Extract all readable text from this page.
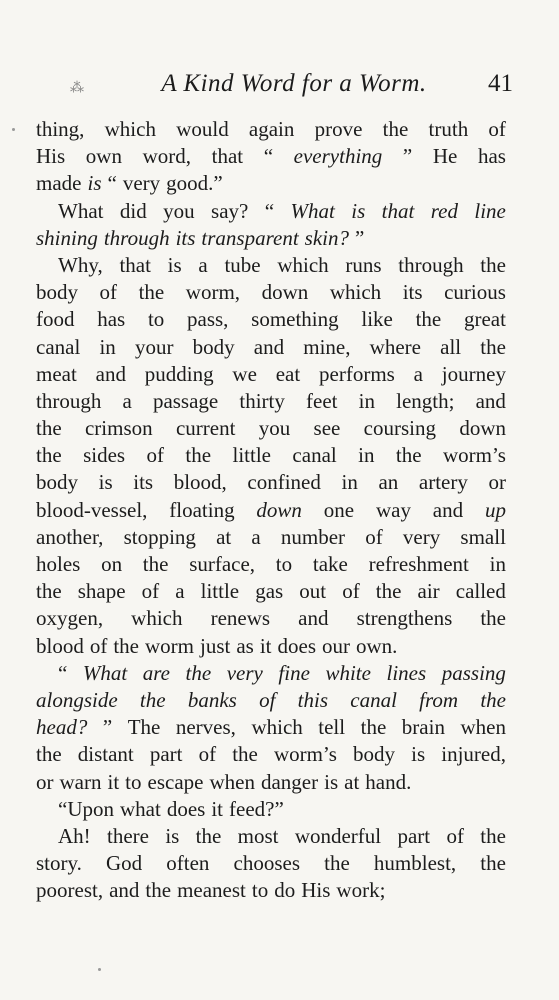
⁂	A Kind Word for a Worm.	41
thing, which would again prove the truth of
His own word, that “ everything ” He has
made is “ very good.”
What did you say? “ What is that red line
shining through its transparent skin? ”
Why, that is a tube which runs through the
body of the worm, down which its curious
food has to pass, something like the great
canal in your body and mine, where all the
meat and pudding we eat performs a journey
through a passage thirty feet in length; and
the crimson current you see coursing down
the sides of the little canal in the worm’s
body is its blood, confined in an artery or
blood-vessel, floating down one way and up
another, stopping at a number of very small
holes on the surface, to take refreshment in
the shape of a little gas out of the air called
oxygen, which renews and strengthens the
blood of the worm just as it does our own.
“ What are the very fine white lines passing
alongside the banks of this canal from the
head? ” The nerves, which tell the brain when
the distant part of the worm’s body is injured,
or warn it to escape when danger is at hand.
“Upon what does it feed?”
Ah! there is the most wonderful part of the
story. God often chooses the humblest, the
poorest, and the meanest to do His work;
